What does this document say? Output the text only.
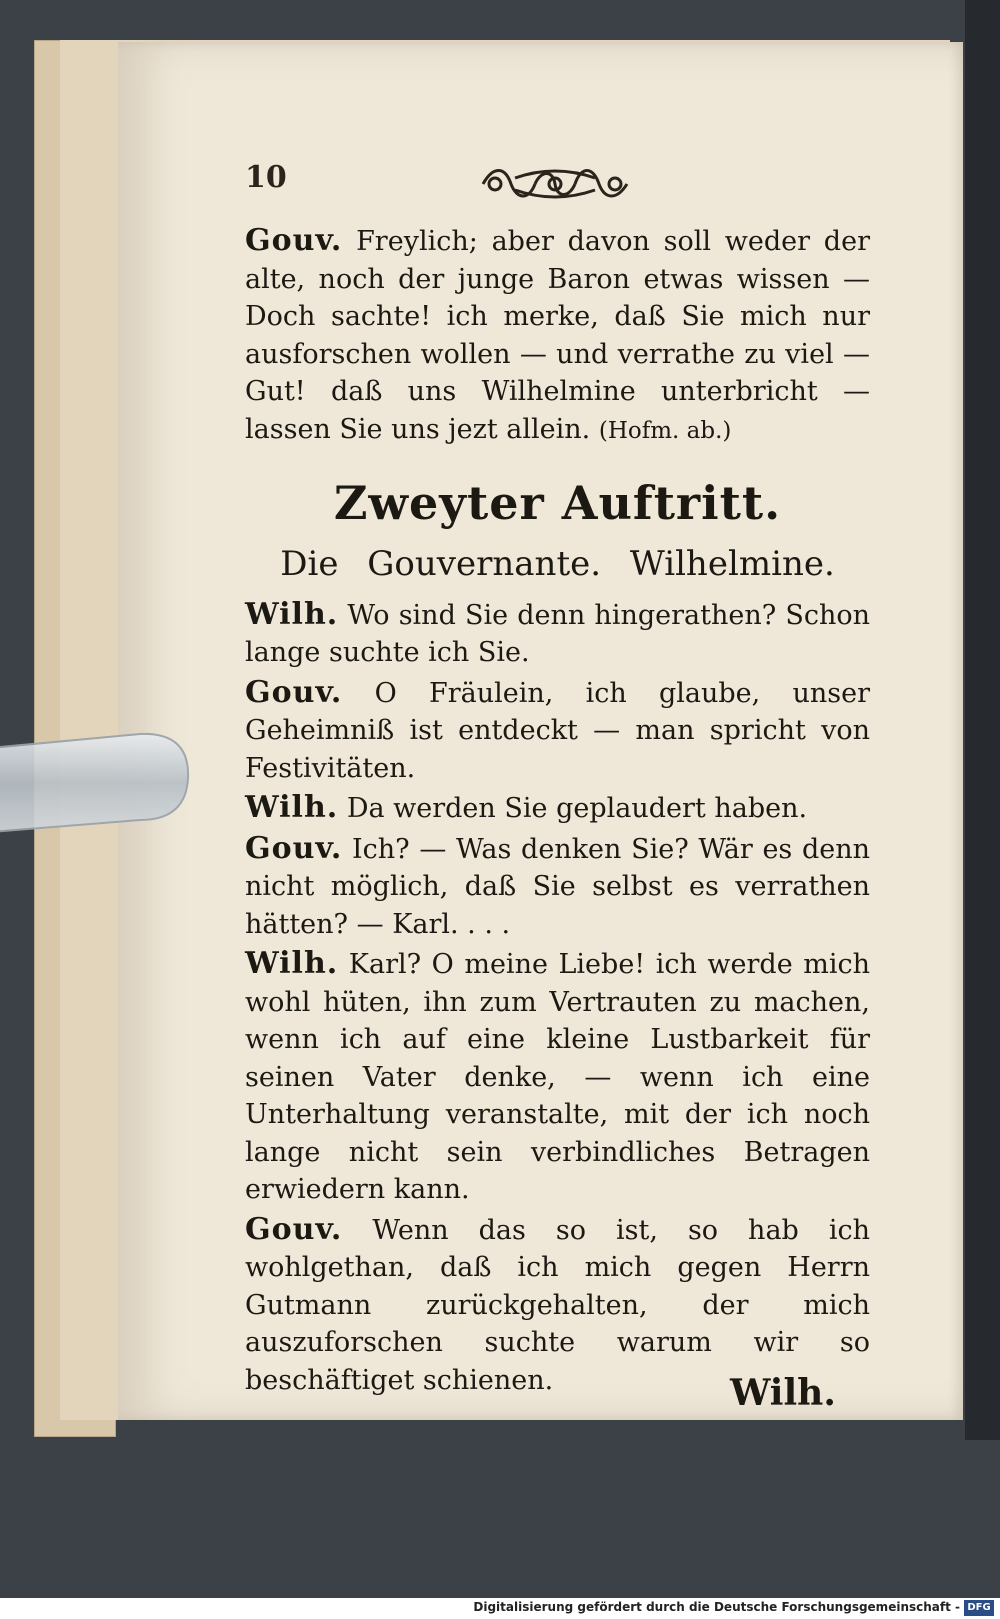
10

Gouv. Freylich; aber davon soll weder der alte, noch der junge Baron etwas wissen — Doch sachte! ich merke, daß Sie mich nur ausforschen wollen — und verrathe zu viel — Gut! daß uns Wilhelmine unterbricht — lassen Sie uns jezt allein. (Hofm. ab.)

Zweyter Auftritt.
Die Gouvernante. Wilhelmine.

Wilh. Wo sind Sie denn hingerathen? Schon lange suchte ich Sie.

Gouv. O Fräulein, ich glaube, unser Geheimniß ist entdeckt — man spricht von Festivitäten.

Wilh. Da werden Sie geplaudert haben.

Gouv. Ich? — Was denken Sie? Wär es denn nicht möglich, daß Sie selbst es verrathen hätten? — Karl. . . .

Wilh. Karl? O meine Liebe! ich werde mich wohl hüten, ihn zum Vertrauten zu machen, wenn ich auf eine kleine Lustbarkeit für seinen Vater denke, — wenn ich eine Unterhaltung veranstalte, mit der ich noch lange nicht sein verbindliches Betragen erwiedern kann.

Gouv. Wenn das so ist, so hab ich wohlgethan, daß ich mich gegen Herrn Gutmann zurückgehalten, der mich auszuforschen suchte warum wir so beschäftiget schienen.	Wilh.
Digitalisierung gefördert durch die Deutsche Forschungsgemeinschaft - DFG
